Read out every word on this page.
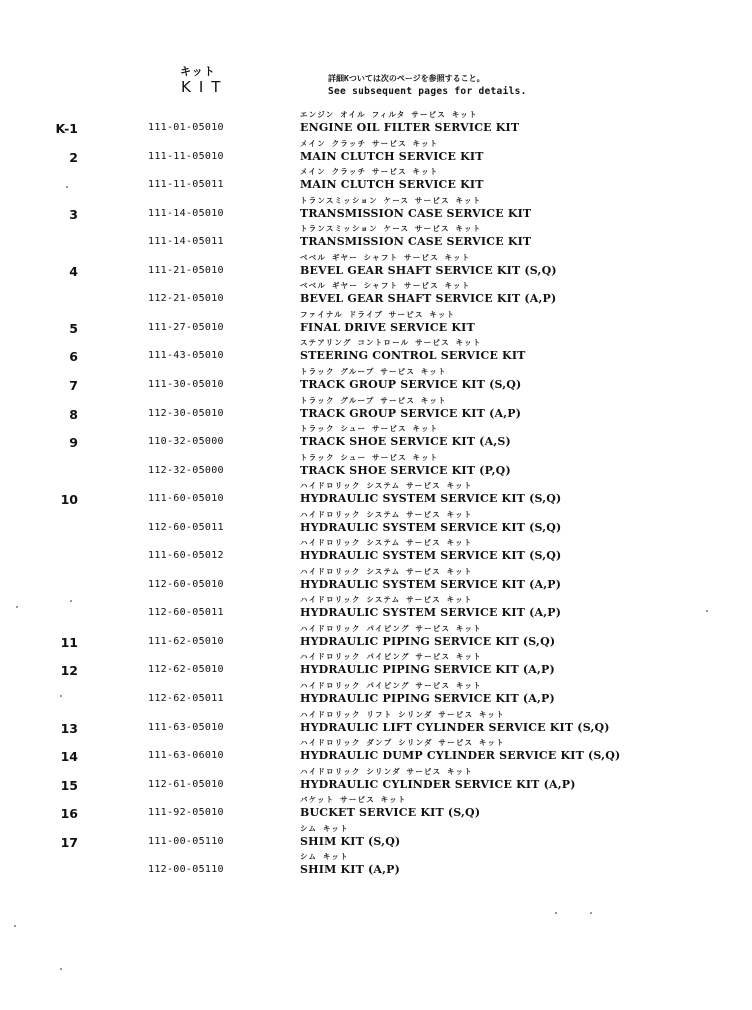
キット
KIT	詳細Kついては次のページを参照すること。
See subsequent pages for details.
K-1	111-01-05010
エンジン オイル フィルタ サービス キット
ENGINE OIL FILTER SERVICE KIT
2	111-11-05010
メイン クラッチ サービス キット
MAIN CLUTCH SERVICE KIT
111-11-05011
メイン クラッチ サービス キット
MAIN CLUTCH SERVICE KIT
3	111-14-05010
トランスミッション ケース サービス キット
TRANSMISSION CASE SERVICE KIT
111-14-05011
トランスミッション ケース サービス キット
TRANSMISSION CASE SERVICE KIT
4	111-21-05010
ベベル ギヤー シャフト サービス キット
BEVEL GEAR SHAFT SERVICE KIT (S,Q)
112-21-05010
ベベル ギヤー シャフト サービス キット
BEVEL GEAR SHAFT SERVICE KIT (A,P)
5	111-27-05010
ファイナル ドライブ サービス キット
FINAL DRIVE SERVICE KIT
6	111-43-05010
ステアリング コントロール サービス キット
STEERING CONTROL SERVICE KIT
7	111-30-05010
トラック グループ サービス キット
TRACK GROUP SERVICE KIT (S,Q)
8	112-30-05010
トラック グループ サービス キット
TRACK GROUP SERVICE KIT (A,P)
9	110-32-05000
トラック シュー サービス キット
TRACK SHOE SERVICE KIT (A,S)
112-32-05000
トラック シュー サービス キット
TRACK SHOE SERVICE KIT (P,Q)
10	111-60-05010
ハイドロリック システム サービス キット
HYDRAULIC SYSTEM SERVICE KIT (S,Q)
112-60-05011
ハイドロリック システム サービス キット
HYDRAULIC SYSTEM SERVICE KIT (S,Q)
111-60-05012
ハイドロリック システム サービス キット
HYDRAULIC SYSTEM SERVICE KIT (S,Q)
112-60-05010
ハイドロリック システム サービス キット
HYDRAULIC SYSTEM SERVICE KIT (A,P)
112-60-05011
ハイドロリック システム サービス キット
HYDRAULIC SYSTEM SERVICE KIT (A,P)
11	111-62-05010
ハイドロリック パイピング サービス キット
HYDRAULIC PIPING SERVICE KIT (S,Q)
12	112-62-05010
ハイドロリック パイピング サービス キット
HYDRAULIC PIPING SERVICE KIT (A,P)
112-62-05011
ハイドロリック パイピング サービス キット
HYDRAULIC PIPING SERVICE KIT (A,P)
13	111-63-05010
ハイドロリック リフト シリンダ サービス キット
HYDRAULIC LIFT CYLINDER SERVICE KIT (S,Q)
14	111-63-06010
ハイドロリック ダンプ シリンダ サービス キット
HYDRAULIC DUMP CYLINDER SERVICE KIT (S,Q)
15	112-61-05010
ハイドロリック シリンダ サービス キット
HYDRAULIC CYLINDER SERVICE KIT (A,P)
16	111-92-05010
バケット サービス キット
BUCKET SERVICE KIT (S,Q)
17	111-00-05110
シム キット
SHIM KIT (S,Q)
112-00-05110
シム キット
SHIM KIT (A,P)
